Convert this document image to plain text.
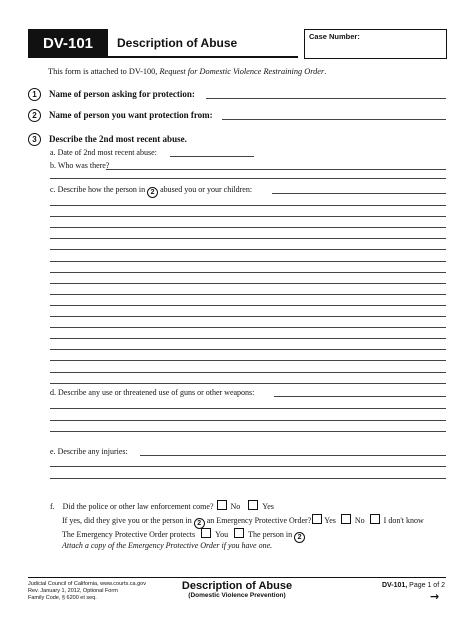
DV-101	Description of Abuse	Case Number:
This form is attached to DV-100, Request for Domestic Violence Restraining Order.
1	Name of person asking for protection:
2	Name of person you want protection from:
3	Describe the 2nd most recent abuse.
a. Date of 2nd most recent abuse:
b. Who was there?
c. Describe how the person in 2 abused you or your children:
d. Describe any use or threatened use of guns or other weapons:
e. Describe any injuries:
f. Did the police or other law enforcement come? No	Yes
If yes, did they give you or the person in 2 an Emergency Protective Order? Yes No I don't know
The Emergency Protective Order protects	You	The person in 2
Attach a copy of the Emergency Protective Order if you have one.
Judicial Council of California, www.courts.ca.gov
Rev. January 1, 2012, Optional Form
Family Code, § 6200 et seq.
Description of Abuse
(Domestic Violence Prevention)
DV-101, Page 1 of 2
→
